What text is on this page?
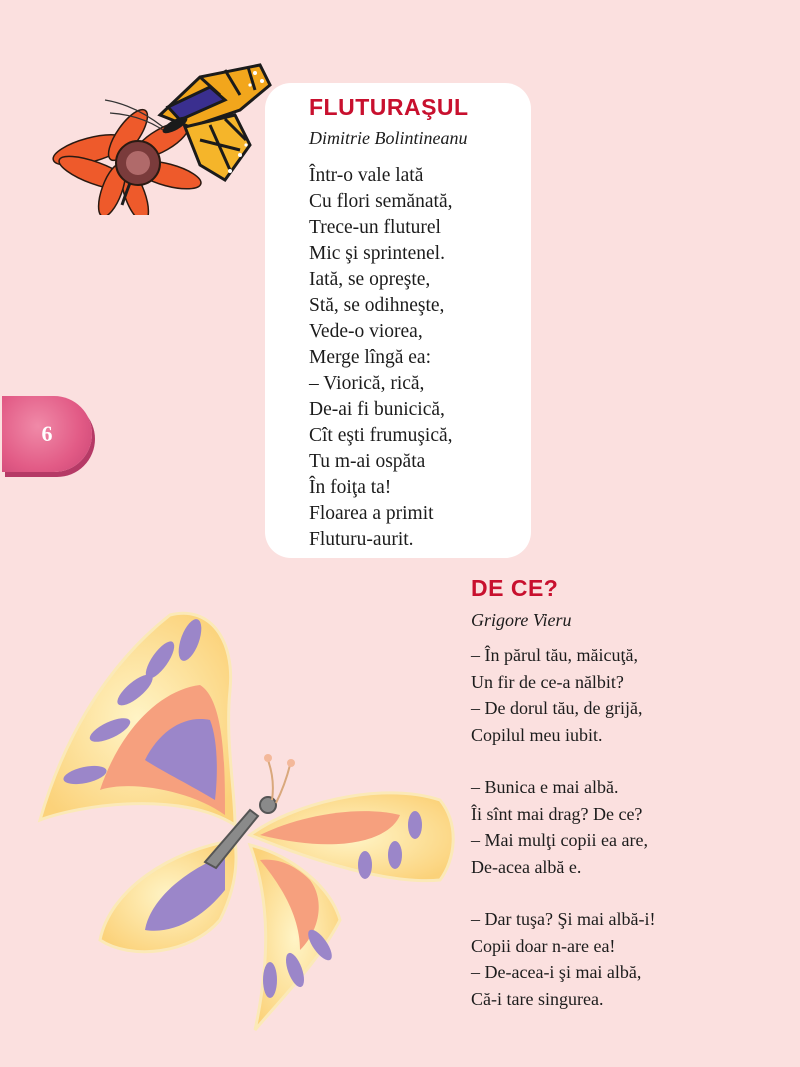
6
FLUTURAŞUL

Dimitrie Bolintineanu

Într-o vale lată
Cu flori semănată,
Trece-un fluturel
Mic şi sprintenel.
Iată, se opreşte,
Stă, se odihneşte,
Vede-o viorea,
Merge lîngă ea:
– Viorică, rică,
De-ai fi bunicică,
Cît eşti frumuşică,
Tu m-ai ospăta
În foiţa ta!
Floarea a primit
Fluturu-aurit.
DE CE?

Grigore Vieru

– În părul tău, măicuţă,
Un fir de ce-a nălbit?
– De dorul tău, de grijă,
Copilul meu iubit.
– Bunica e mai albă.
Îi sînt mai drag? De ce?
– Mai mulţi copii ea are,
De-acea albă e.
– Dar tuşa? Şi mai albă-i!
Copii doar n-are ea!
– De-acea-i şi mai albă,
Că-i tare singurea.
